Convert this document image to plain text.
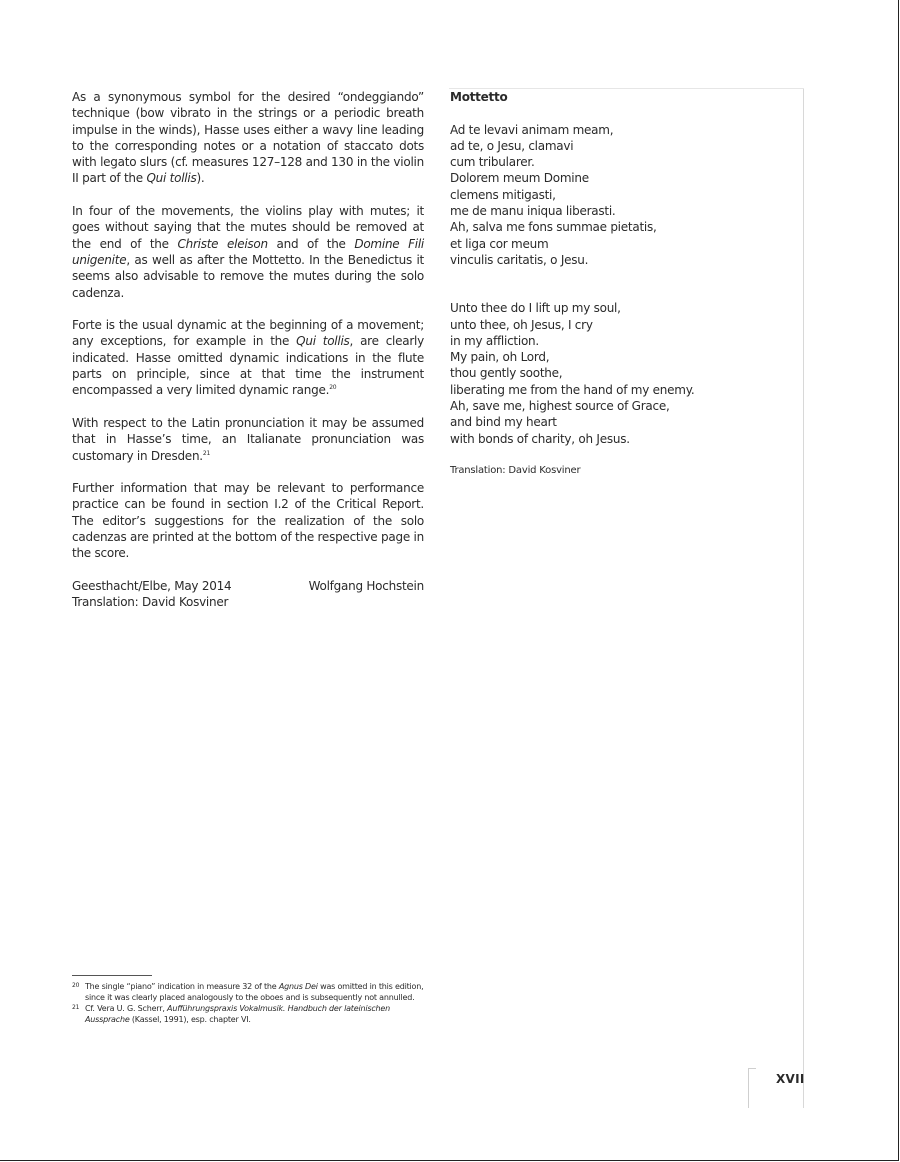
As a synonymous symbol for the desired “ondeggiando” technique (bow vibrato in the strings or a periodic breath impulse in the winds), Hasse uses either a wavy line leading to the corresponding notes or a notation of staccato dots with legato slurs (cf. measures 127–128 and 130 in the violin II part of the Qui tollis).

In four of the movements, the violins play with mutes; it goes without saying that the mutes should be removed at the end of the Christe eleison and of the Domine Fili unigenite, as well as after the Mottetto. In the Benedictus it seems also advisable to remove the mutes during the solo cadenza.

Forte is the usual dynamic at the beginning of a movement; any exceptions, for example in the Qui tollis, are clearly indicated. Hasse omitted dynamic indications in the flute parts on principle, since at that time the instrument encompassed a very limited dynamic range.$^{20}$

With respect to the Latin pronunciation it may be assumed that in Hasse’s time, an Italianate pronunciation was customary in Dresden.$^{21}$

Further information that may be relevant to performance practice can be found in section I.2 of the Critical Report. The editor’s suggestions for the realization of the solo cadenzas are printed at the bottom of the respective page in the score.

Geesthacht/Elbe, May 2014	Wolfgang Hochstein
Translation: David Kosviner
Mottetto
Ad te levavi animam meam,
ad te, o Jesu, clamavi
cum tribularer.
Dolorem meum Domine
clemens mitigasti,
me de manu iniqua liberasti.
Ah, salva me fons summae pietatis,
et liga cor meum
vinculis caritatis, o Jesu.
Unto thee do I lift up my soul,
unto thee, oh Jesus, I cry
in my affliction.
My pain, oh Lord,
thou gently soothe,
liberating me from the hand of my enemy.
Ah, save me, highest source of Grace,
and bind my heart
with bonds of charity, oh Jesus.
Translation: David Kosviner
20 The single “piano” indication in measure 32 of the Agnus Dei was omitted in this edition, since it was clearly placed analogously to the oboes and is subsequently not annulled.
21 Cf. Vera U. G. Scherr, Aufführungspraxis Vokalmusik. Handbuch der lateinischen Aussprache (Kassel, 1991), esp. chapter VI.
XVII
